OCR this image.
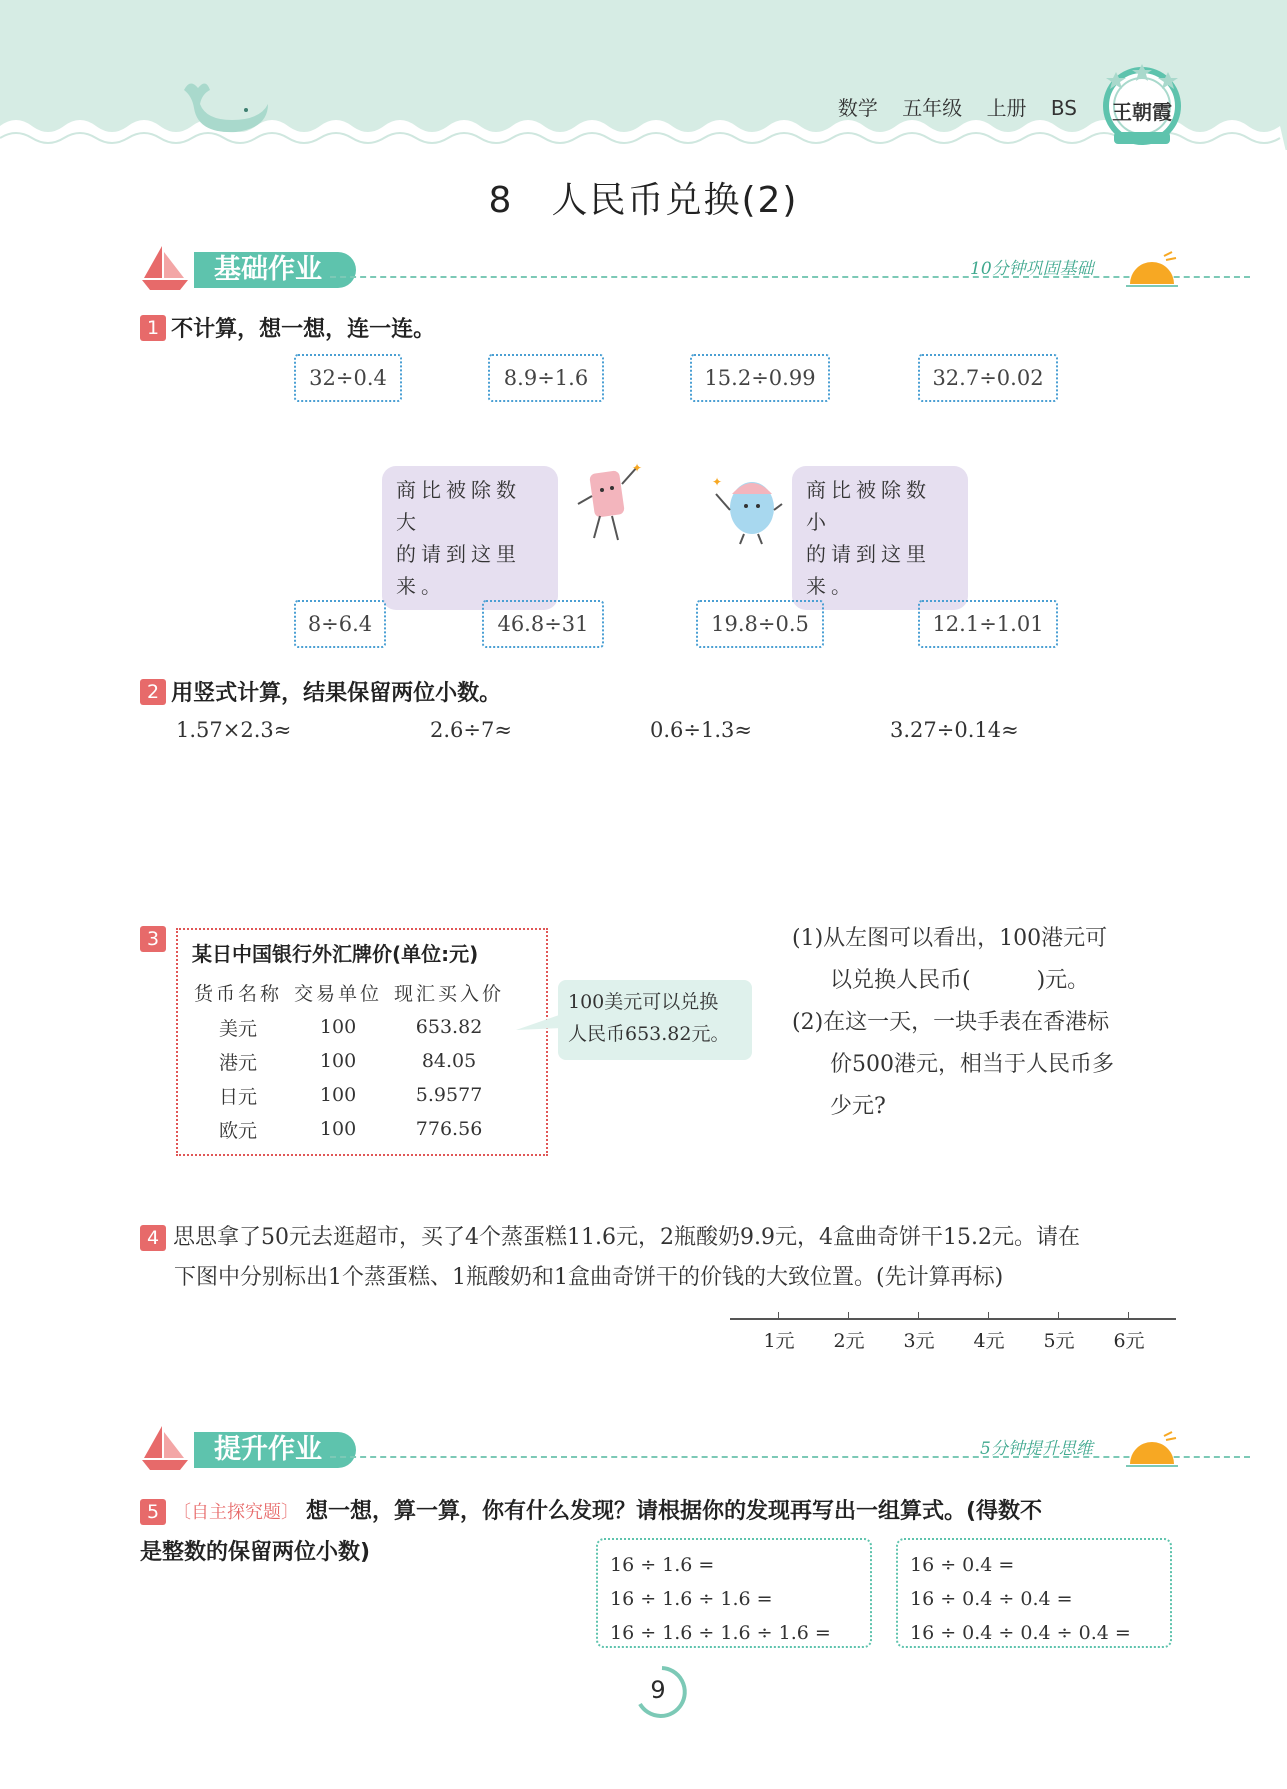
数学 五年级 上册 BS 王朝霞
8　人民币兑换(2)
基础作业	10分钟巩固基础
1 不计算，想一想，连一连。
32÷0.4	8.9÷1.6	15.2÷0.99	32.7÷0.02
商比被除数大
的请到这里来。
✦
✦	商比被除数小
的请到这里来。
8÷6.4	46.8÷31	19.8÷0.5	12.1÷1.01
2 用竖式计算，结果保留两位小数。
1.57×2.3≈	2.6÷7≈	0.6÷1.3≈	3.27÷0.14≈
3
某日中国银行外汇牌价(单位:元)
货币名称	交易单位	现汇买入价
美元	100	653.82
港元	100	84.05
日元	100	5.9577
欧元	100	776.56
100美元可以兑换
人民币653.82元。
(1)从左图可以看出，100港元可
以兑换人民币(　　　)元。
(2)在这一天，一块手表在香港标
价500港元，相当于人民币多
少元?
4 思思拿了50元去逛超市，买了4个蒸蛋糕11.6元，2瓶酸奶9.9元，4盒曲奇饼干15.2元。请在
下图中分别标出1个蒸蛋糕、1瓶酸奶和1盒曲奇饼干的价钱的大致位置。(先计算再标)
1元	2元	3元	4元	5元	6元
提升作业	5分钟提升思维
5 〔自主探究题〕 想一想，算一算，你有什么发现？请根据你的发现再写出一组算式。(得数不
是整数的保留两位小数)	16 ÷ 1.6 =
16 ÷ 1.6 ÷ 1.6 =
16 ÷ 1.6 ÷ 1.6 ÷ 1.6 =
16 ÷ 0.4 =
16 ÷ 0.4 ÷ 0.4 =
16 ÷ 0.4 ÷ 0.4 ÷ 0.4 =
9
